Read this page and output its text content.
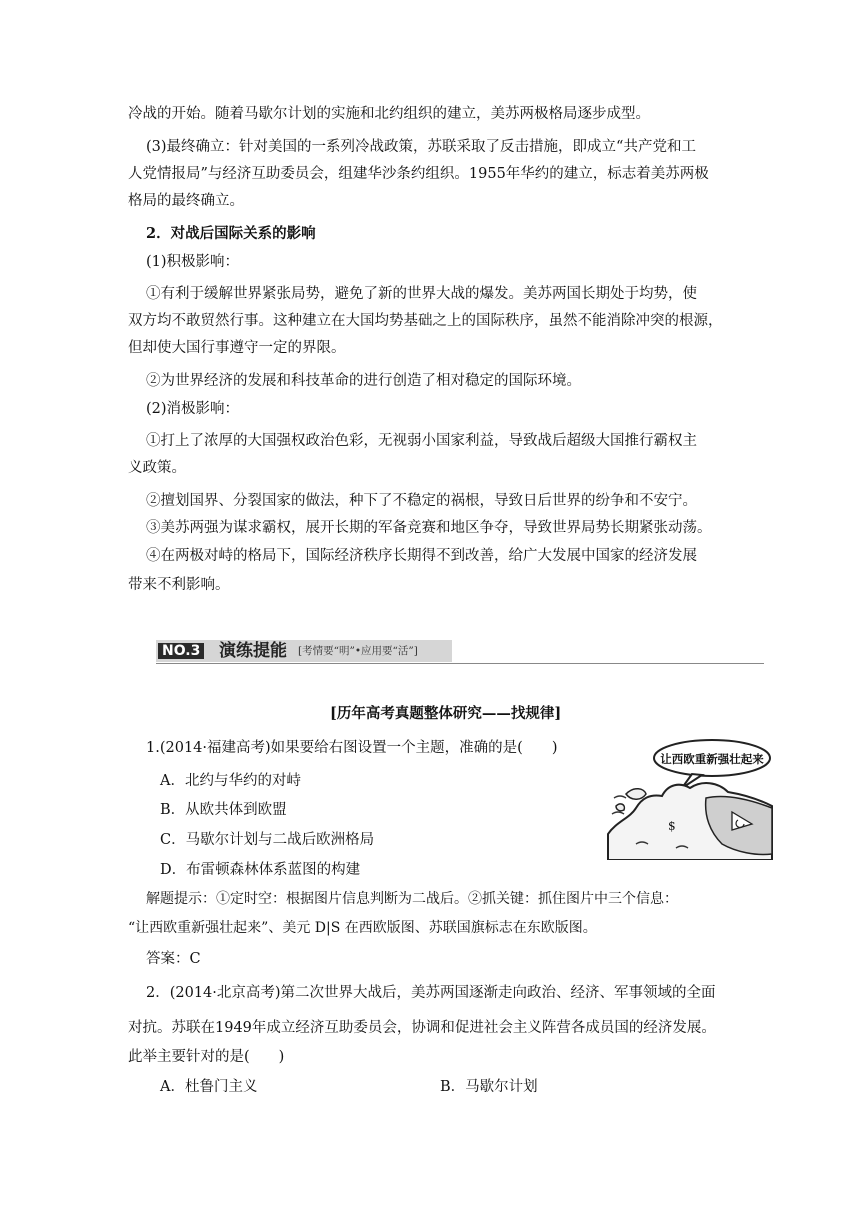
冷战的开始。随着马歇尔计划的实施和北约组织的建立，美苏两极格局逐步成型。
(3)最终确立：针对美国的一系列冷战政策，苏联采取了反击措施，即成立“共产党和工
人党情报局”与经济互助委员会，组建华沙条约组织。1955年华约的建立，标志着美苏两极
格局的最终确立。
2．对战后国际关系的影响
(1)积极影响：
①有利于缓解世界紧张局势，避免了新的世界大战的爆发。美苏两国长期处于均势，使
双方均不敢贸然行事。这种建立在大国均势基础之上的国际秩序，虽然不能消除冲突的根源，
但却使大国行事遵守一定的界限。
②为世界经济的发展和科技革命的进行创造了相对稳定的国际环境。
(2)消极影响：
①打上了浓厚的大国强权政治色彩，无视弱小国家利益，导致战后超级大国推行霸权主
义政策。
②擅划国界、分裂国家的做法，种下了不稳定的祸根，导致日后世界的纷争和不安宁。
③美苏两强为谋求霸权，展开长期的军备竞赛和地区争夺，导致世界局势长期紧张动荡。
④在两极对峙的格局下，国际经济秩序长期得不到改善，给广大发展中国家的经济发展
带来不利影响。
NO.3 演练提能 [考情要“明”•应用要“活”]
[历年高考真题整体研究——找规律]
1.(2014·福建高考)如果要给右图设置一个主题，准确的是(　　)
A．北约与华约的对峙
B．从欧共体到欧盟
C．马歇尔计划与二战后欧洲格局
D．布雷顿森林体系蓝图的构建
解题提示：①定时空：根据图片信息判断为二战后。②抓关键：抓住图片中三个信息：
“让西欧重新强壮起来”、美元 D|S 在西欧版图、苏联国旗标志在东欧版图。
答案：C
让西欧重新强壮起来
$
2．(2014·北京高考)第二次世界大战后，美苏两国逐渐走向政治、经济、军事领域的全面
对抗。苏联在1949年成立经济互助委员会，协调和促进社会主义阵营各成员国的经济发展。
此举主要针对的是(　　)
A．杜鲁门主义	B．马歇尔计划
